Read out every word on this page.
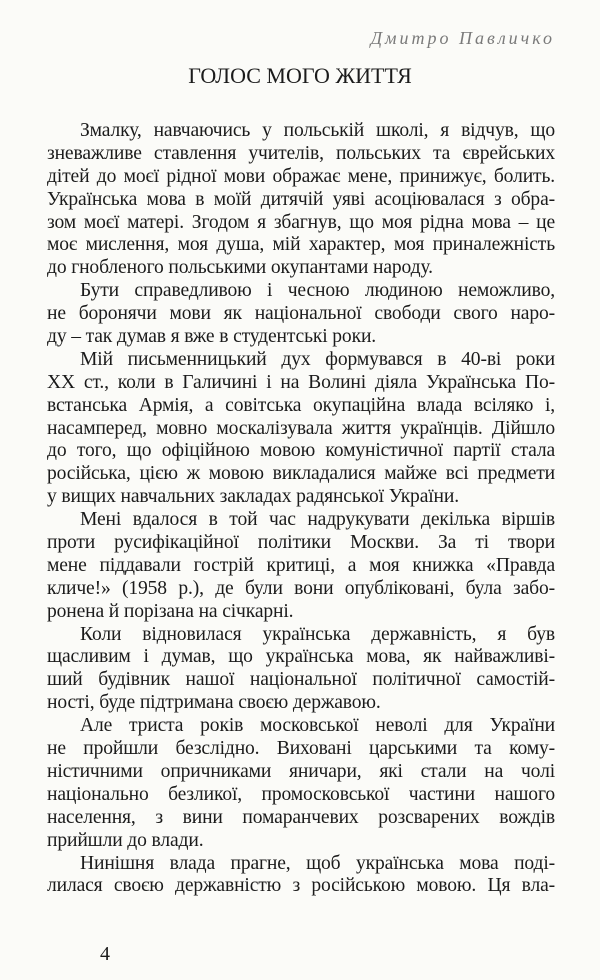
Дмитро Павличко
ГОЛОС МОГО ЖИТТЯ
Змалку, навчаючись у польській школі, я відчув, що
зневажливе ставлення учителів, польських та єврейських
дітей до моєї рідної мови ображає мене, принижує, болить.
Українська мова в моїй дитячій уяві асоціювалася з обра-
зом моєї матері. Згодом я збагнув, що моя рідна мова – це
моє мислення, моя душа, мій характер, моя приналежність
до гнобленого польськими окупантами народу.
Бути справедливою і чесною людиною неможливо,
не боронячи мови як національної свободи свого наро-
ду – так думав я вже в студентські роки.
Мій письменницький дух формувався в 40-ві роки
XX ст., коли в Галичині і на Волині діяла Українська По-
встанська Армія, а совітська окупаційна влада всіляко і,
насамперед, мовно москалізувала життя українців. Дійшло
до того, що офіційною мовою комуністичної партії стала
російська, цією ж мовою викладалися майже всі предмети
у вищих навчальних закладах радянської України.
Мені вдалося в той час надрукувати декілька віршів
проти русифікаційної політики Москви. За ті твори
мене піддавали гострій критиці, а моя книжка «Правда
кличе!» (1958 р.), де були вони опубліковані, була забо-
ронена й порізана на січкарні.
Коли відновилася українська державність, я був
щасливим і думав, що українська мова, як найважливі-
ший будівник нашої національної політичної самостій-
ності, буде підтримана своєю державою.
Але триста років московської неволі для України
не пройшли безслідно. Виховані царськими та кому-
ністичними опричниками яничари, які стали на чолі
національно безликої, промосковської частини нашого
населення, з вини помаранчевих розсварених вождів
прийшли до влади.
Нинішня влада прагне, щоб українська мова поді-
лилася своєю державністю з російською мовою. Ця вла-
4
